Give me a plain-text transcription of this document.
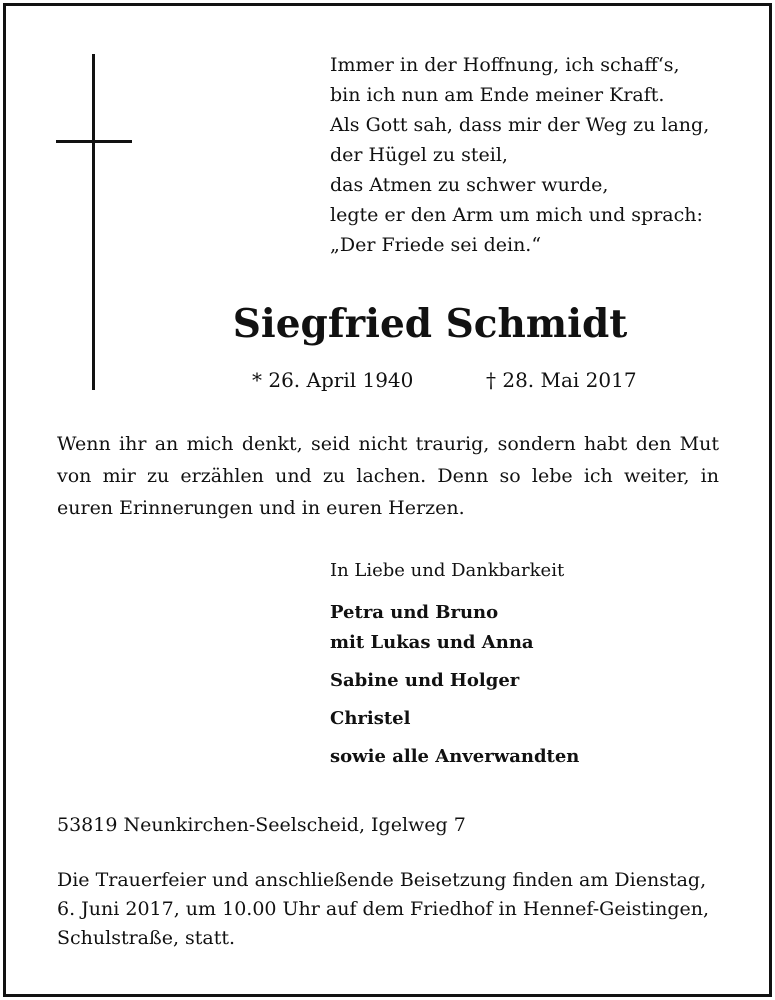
Immer in der Hoffnung, ich schaff‘s,
bin ich nun am Ende meiner Kraft.
Als Gott sah, dass mir der Weg zu lang,
der Hügel zu steil,
das Atmen zu schwer wurde,
legte er den Arm um mich und sprach:
„Der Friede sei dein.“
Siegfried Schmidt
* 26. April 1940	† 28. Mai 2017
Wenn ihr an mich denkt, seid nicht traurig, sondern habt den Mut von mir zu erzählen und zu lachen. Denn so lebe ich weiter, in euren Erinnerungen und in euren Herzen.
In Liebe und Dankbarkeit
Petra und Bruno
mit Lukas und Anna
Sabine und Holger
Christel
sowie alle Anverwandten
53819 Neunkirchen-Seelscheid, Igelweg 7
Die Trauerfeier und anschließende Beisetzung finden am Dienstag,
6. Juni 2017, um 10.00 Uhr auf dem Friedhof in Hennef-Geistingen,
Schulstraße, statt.
